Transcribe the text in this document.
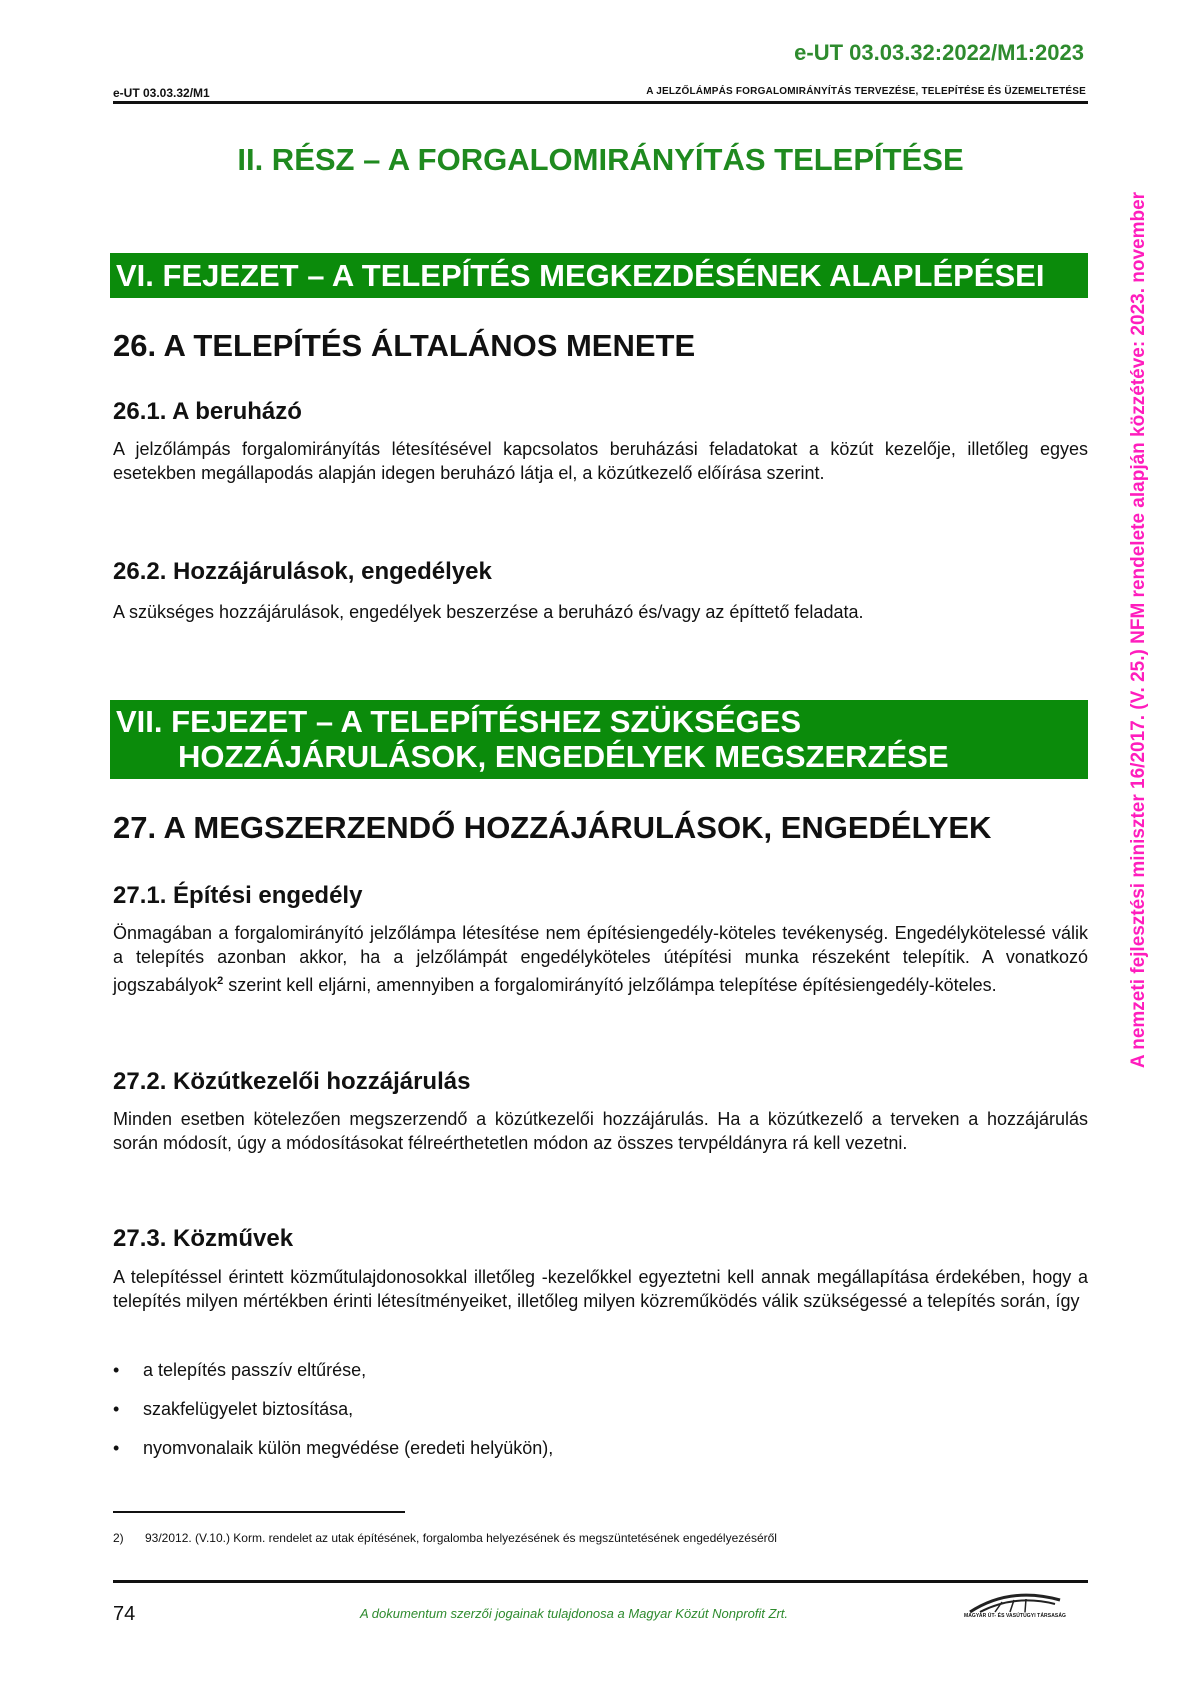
e-UT 03.03.32:2022/M1:2023
e-UT 03.03.32/M1	A JELZŐLÁMPÁS FORGALOMIRÁNYÍTÁS TERVEZÉSE, TELEPÍTÉSE ÉS ÜZEMELTETÉSE
II. RÉSZ – A FORGALOMIRÁNYÍTÁS TELEPÍTÉSE
VI. FEJEZET – A TELEPÍTÉS MEGKEZDÉSÉNEK ALAPLÉPÉSEI
26. A TELEPÍTÉS ÁLTALÁNOS MENETE
26.1. A beruházó
A jelzőlámpás forgalomirányítás létesítésével kapcsolatos beruházási feladatokat a közút kezelője, illetőleg egyes esetekben megállapodás alapján idegen beruházó látja el, a közútkezelő előírása szerint.
26.2. Hozzájárulások, engedélyek
A szükséges hozzájárulások, engedélyek beszerzése a beruházó és/vagy az építtető feladata.
VII. FEJEZET – A TELEPÍTÉSHEZ SZÜKSÉGES
HOZZÁJÁRULÁSOK, ENGEDÉLYEK MEGSZERZÉSE
27. A MEGSZERZENDŐ HOZZÁJÁRULÁSOK, ENGEDÉLYEK
27.1. Építési engedély
Önmagában a forgalomirányító jelzőlámpa létesítése nem építésiengedély-köteles tevékenység. Engedélykötelessé válik a telepítés azonban akkor, ha a jelzőlámpát engedélyköteles útépítési munka részeként telepítik. A vonatkozó jogszabályok$^2$ szerint kell eljárni, amennyiben a forgalomirányító jelzőlámpa telepítése építésiengedély-köteles.
27.2. Közútkezelői hozzájárulás
Minden esetben kötelezően megszerzendő a közútkezelői hozzájárulás. Ha a közútkezelő a terveken a hozzájárulás során módosít, úgy a módosításokat félreérthetetlen módon az összes tervpéldányra rá kell vezetni.
27.3. Közművek
A telepítéssel érintett közműtulajdonosokkal illetőleg -kezelőkkel egyeztetni kell annak megállapítása érdekében, hogy a telepítés milyen mértékben érinti létesítményeiket, illetőleg milyen közreműködés válik szükségessé a telepítés során, így
• a telepítés passzív eltűrése,
• szakfelügyelet biztosítása,
• nyomvonalaik külön megvédése (eredeti helyükön),
2) 93/2012. (V.10.) Korm. rendelet az utak építésének, forgalomba helyezésének és megszüntetésének engedélyezéséről
74	A dokumentum szerzői jogainak tulajdonosa a Magyar Közút Nonprofit Zrt.	MAGYAR ÚT- ÉS VASÚTÜGYI TÁRSASÁG
A nemzeti fejlesztési miniszter 16/2017. (V. 25.) NFM rendelete alapján közzétéve: 2023. november
